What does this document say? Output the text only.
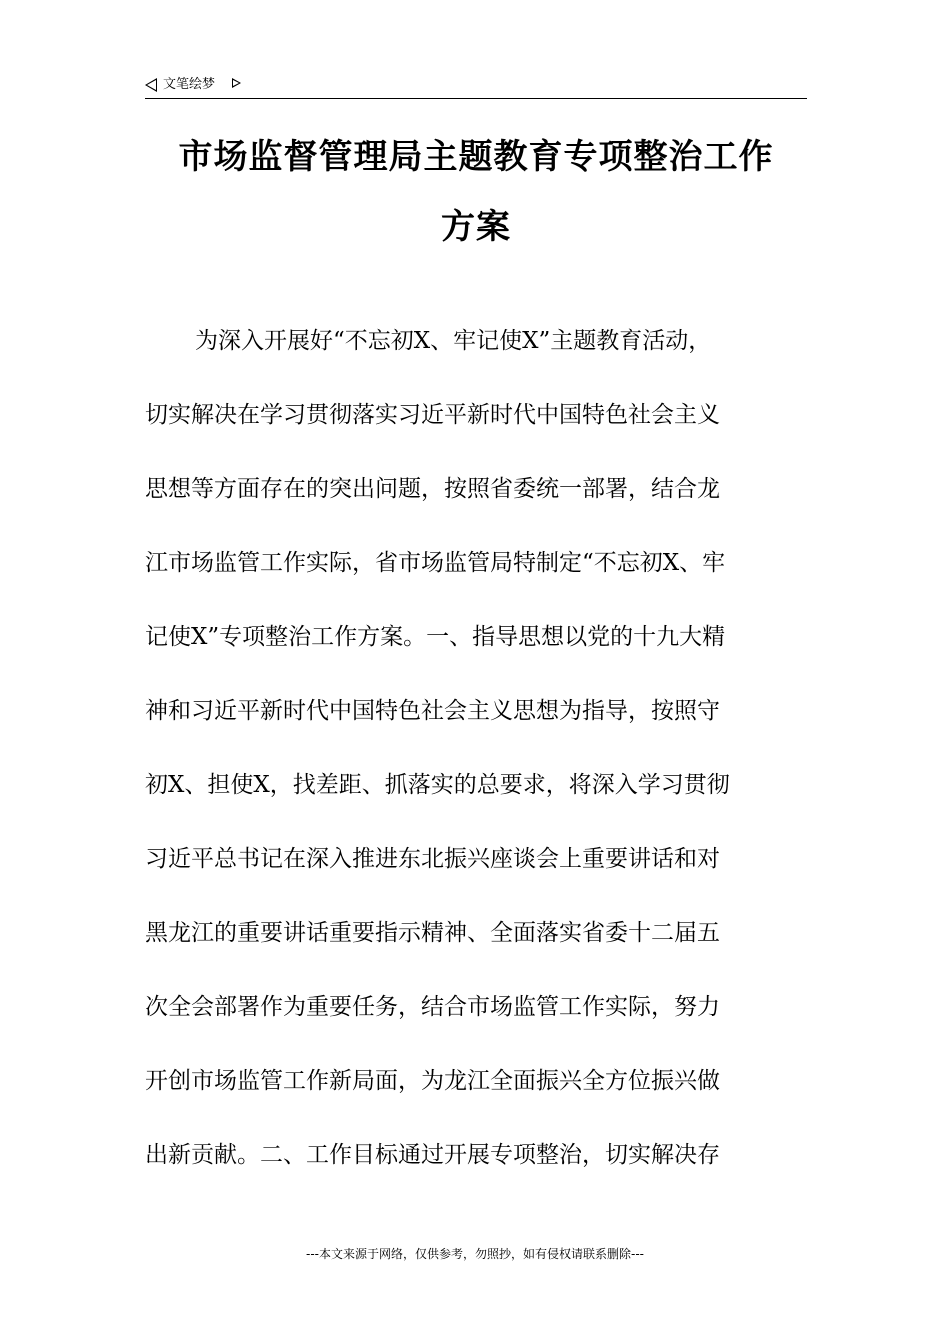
文笔绘梦
市场监督管理局主题教育专项整治工作
方案
为深入开展好“不忘初X、牢记使X”主题教育活动，
切实解决在学习贯彻落实习近平新时代中国特色社会主义
思想等方面存在的突出问题，按照省委统一部署，结合龙
江市场监管工作实际，省市场监管局特制定“不忘初X、牢
记使X”专项整治工作方案。一、指导思想以党的十九大精
神和习近平新时代中国特色社会主义思想为指导，按照守
初X、担使X，找差距、抓落实的总要求，将深入学习贯彻
习近平总书记在深入推进东北振兴座谈会上重要讲话和对
黑龙江的重要讲话重要指示精神、全面落实省委十二届五
次全会部署作为重要任务，结合市场监管工作实际，努力
开创市场监管工作新局面，为龙江全面振兴全方位振兴做
出新贡献。二、工作目标通过开展专项整治，切实解决存
---本文来源于网络，仅供参考，勿照抄，如有侵权请联系删除---
